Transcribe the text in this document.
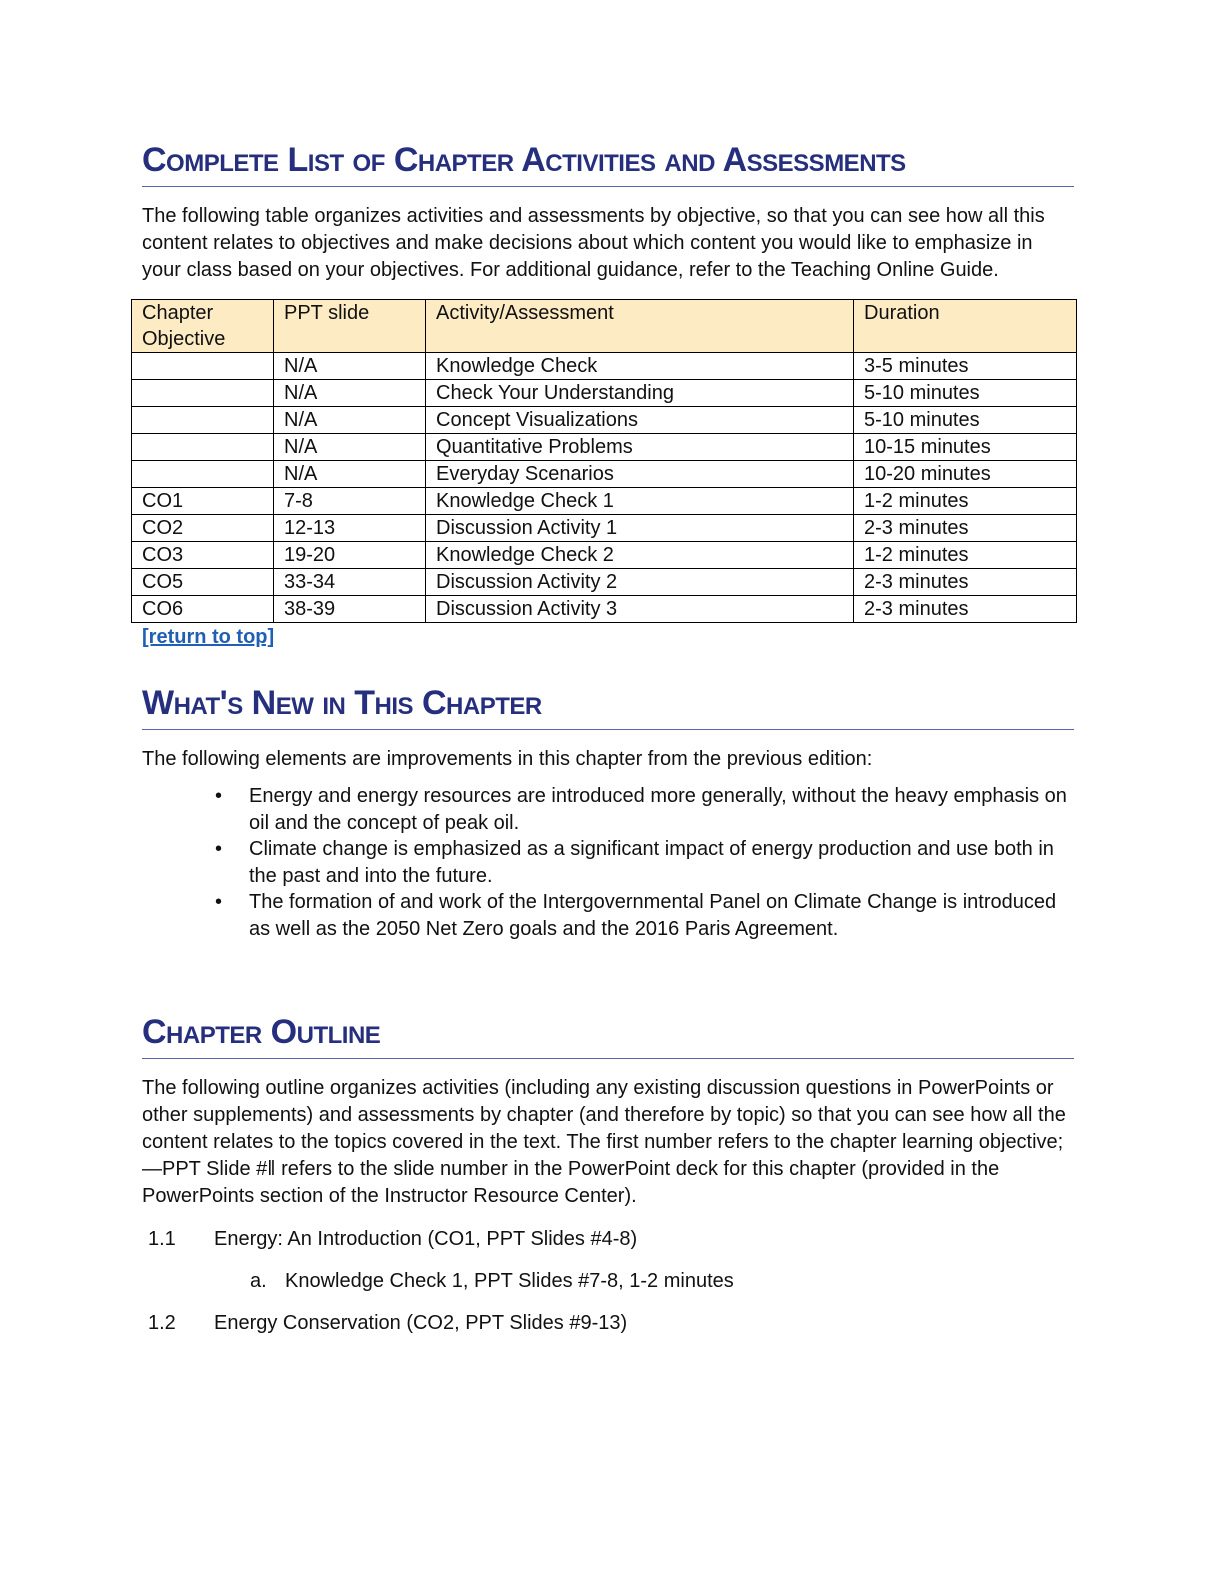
Complete List of Chapter Activities and Assessments

The following table organizes activities and assessments by objective, so that you can see how all this content relates to objectives and make decisions about which content you would like to emphasize in your class based on your objectives. For additional guidance, refer to the Teaching Online Guide.

Chapter Objective	PPT slide	Activity/Assessment	Duration
	N/A	Knowledge Check	3-5 minutes
	N/A	Check Your Understanding	5-10 minutes
	N/A	Concept Visualizations	5-10 minutes
	N/A	Quantitative Problems	10-15 minutes
	N/A	Everyday Scenarios	10-20 minutes
CO1	7-8	Knowledge Check 1	1-2 minutes
CO2	12-13	Discussion Activity 1	2-3 minutes
CO3	19-20	Knowledge Check 2	1-2 minutes
CO5	33-34	Discussion Activity 2	2-3 minutes
CO6	38-39	Discussion Activity 3	2-3 minutes
[return to top]
What's New in This Chapter

The following elements are improvements in this chapter from the previous edition:

• Energy and energy resources are introduced more generally, without the heavy emphasis on oil and the concept of peak oil.
• Climate change is emphasized as a significant impact of energy production and use both in the past and into the future.
• The formation of and work of the Intergovernmental Panel on Climate Change is introduced as well as the 2050 Net Zero goals and the 2016 Paris Agreement.
Chapter Outline

The following outline organizes activities (including any existing discussion questions in PowerPoints or other supplements) and assessments by chapter (and therefore by topic) so that you can see how all the content relates to the topics covered in the text. The first number refers to the chapter learning objective; ―PPT Slide #‖ refers to the slide number in the PowerPoint deck for this chapter (provided in the PowerPoints section of the Instructor Resource Center).

1.1	Energy: An Introduction (CO1, PPT Slides #4-8)
a. Knowledge Check 1, PPT Slides #7-8, 1-2 minutes
1.2	Energy Conservation (CO2, PPT Slides #9-13)
